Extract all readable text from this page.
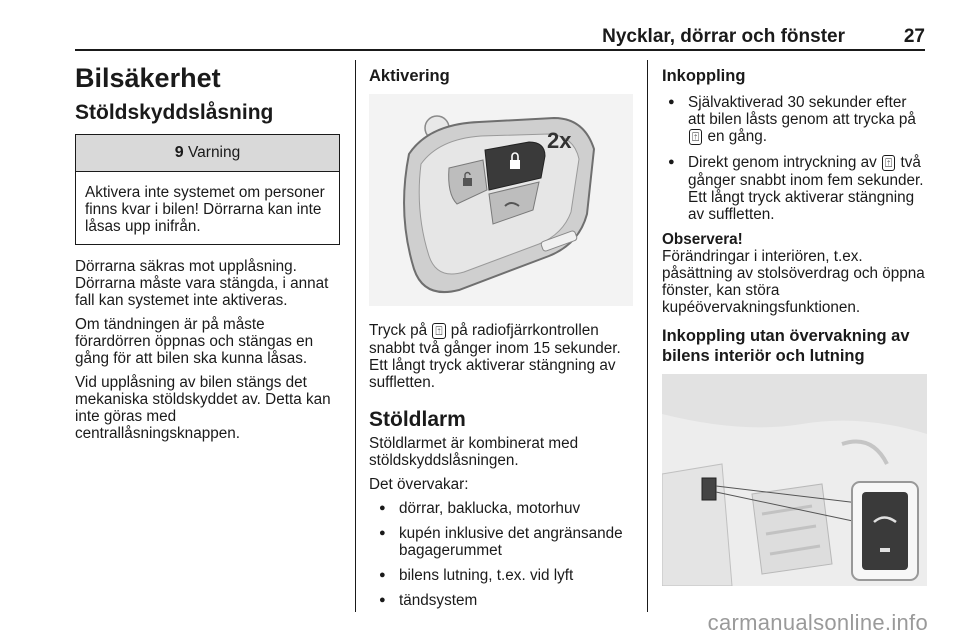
Nycklar, dörrar och fönster	27
Bilsäkerhet
Stöldskyddslåsning
9 Varning
Aktivera inte systemet om personer finns kvar i bilen! Dörrarna kan inte låsas upp inifrån.

Dörrarna säkras mot upplåsning. Dörrarna måste vara stängda, i annat fall kan systemet inte aktiveras.

Om tändningen är på måste förardörren öppnas och stängas en gång för att bilen ska kunna låsas.

Vid upplåsning av bilen stängs det mekaniska stöldskyddet av. Detta kan inte göras med centrallåsningsknappen.

Aktivering
2x

Tryck på ⍐ på radiofjärrkontrollen snabbt två gånger inom 15 sekunder. Ett långt tryck aktiverar stängning av suffletten.

Stöldlarm

Stöldlarmet är kombinerat med stöldskyddslåsningen.

Det övervakar:

● dörrar, baklucka, motorhuv
● kupén inklusive det angränsande bagagerummet
● bilens lutning, t.ex. vid lyft
● tändsystem
Inkoppling
● Självaktiverad 30 sekunder efter att bilen låsts genom att trycka på ⍐ en gång.
● Direkt genom intryckning av ⍐ två gånger snabbt inom fem sekunder. Ett långt tryck aktiverar stängning av suffletten.
Observera!

Förändringar i interiören, t.ex. påsättning av stolsöverdrag och öppna fönster, kan störa kupéövervakningsfunktionen.

Inkoppling utan övervakning av bilens interiör och lutning
carmanualsonline.info
